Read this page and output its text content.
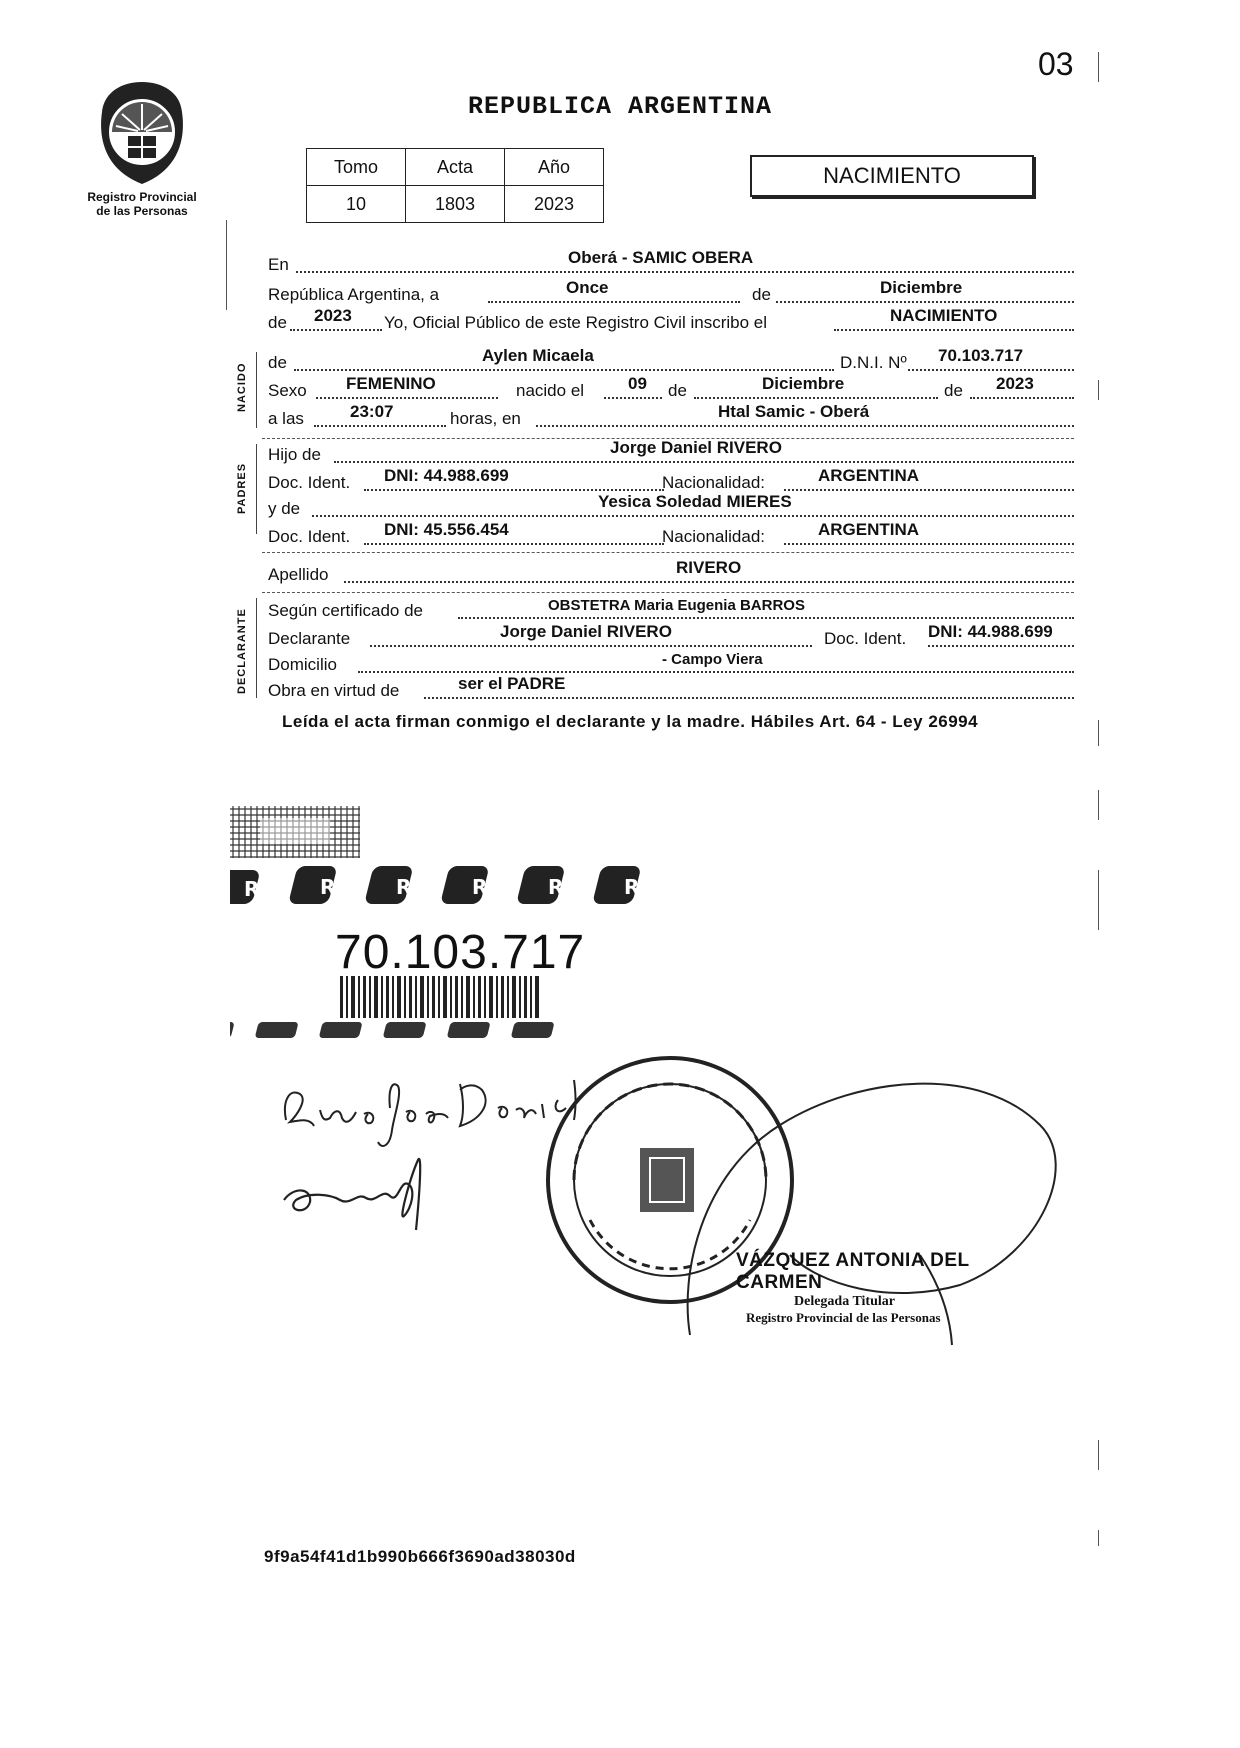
03
REPUBLICA ARGENTINA
Registro Provincial
de las Personas
Tomo	Acta	Año
10	1803	2023
NACIMIENTO
En	Oberá - SAMIC OBERA
República Argentina, a	Once	de	Diciembre
de 2023 Yo, Oficial Público de este Registro Civil inscribo el	NACIMIENTO
NACIDO
de	Aylen Micaela	D.N.I. Nº 70.103.717
Sexo FEMENINO	nacido el	09 de	Diciembre	de 2023
a las	23:07	horas, en	Htal Samic - Oberá
PADRES
Hijo de	Jorge Daniel RIVERO
Doc. Ident. DNI: 44.988.699	Nacionalidad:	ARGENTINA
y de	Yesica Soledad MIERES
Doc. Ident. DNI: 45.556.454	Nacionalidad:	ARGENTINA
Apellido	RIVERO
DECLARANTE Según certificado de	OBSTETRA Maria Eugenia BARROS
Declarante	Jorge Daniel RIVERO	Doc. Ident. DNI: 44.988.699
Domicilio	- Campo Viera
Obra en virtud de	ser el PADRE
Leída el acta firman conmigo el declarante y la madre. Hábiles Art. 64 - Ley 26994
R	R	R	R	R	R
70.103.717
VÁZQUEZ ANTONIA DEL CARMEN
Delegada Titular
Registro Provincial de las Personas
9f9a54f41d1b990b666f3690ad38030d
